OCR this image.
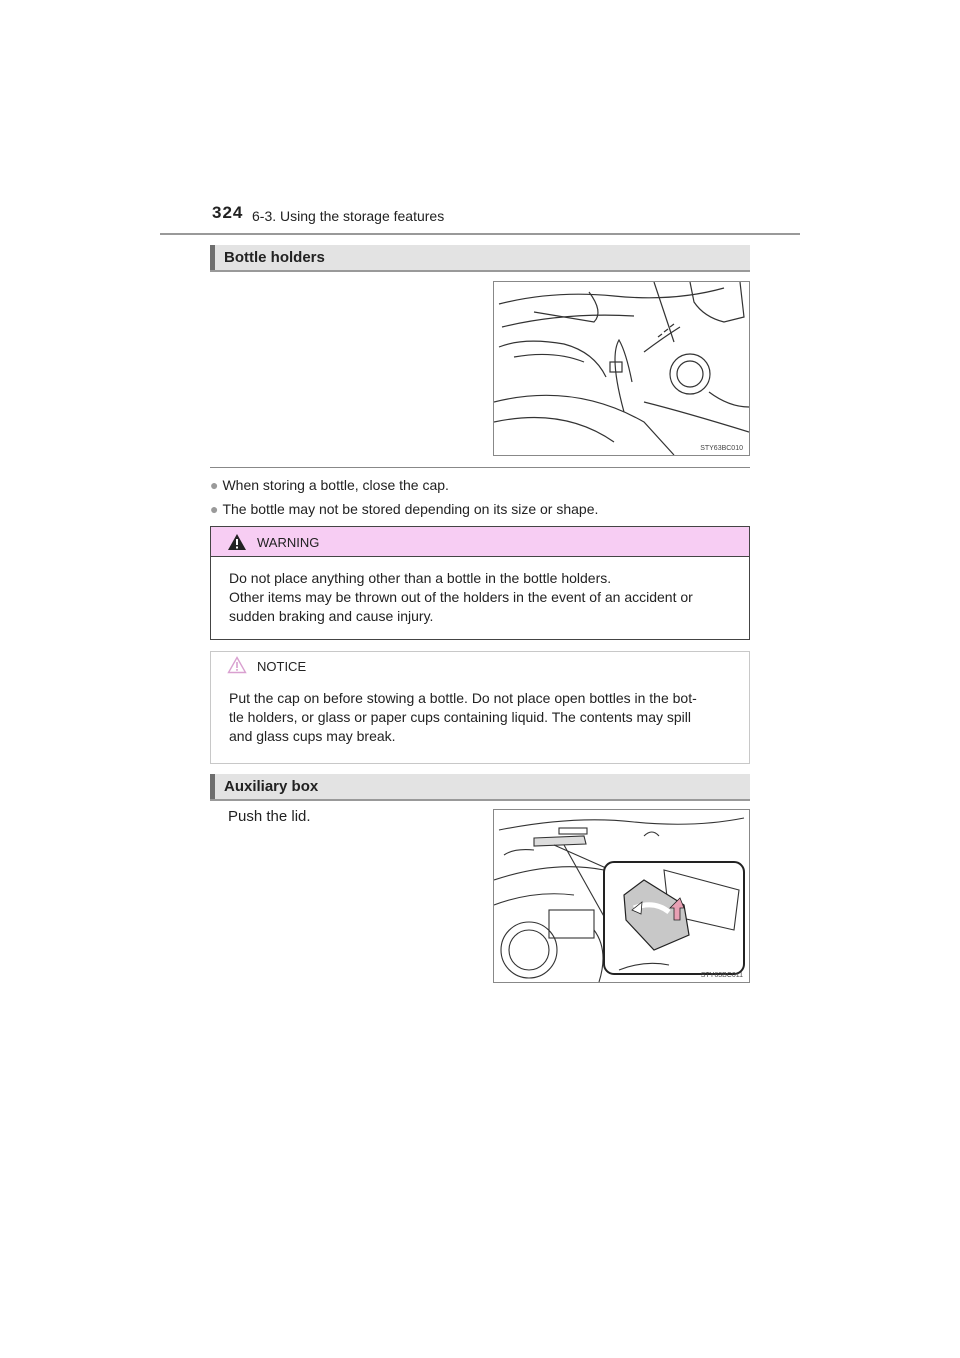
324 6-3. Using the storage features
Bottle holders
STY63BC010
● When storing a bottle, close the cap.
● The bottle may not be stored depending on its size or shape.
WARNING
Do not place anything other than a bottle in the bottle holders.
Other items may be thrown out of the holders in the event of an accident or
sudden braking and cause injury.
NOTICE
Put the cap on before stowing a bottle. Do not place open bottles in the bot-
tle holders, or glass or paper cups containing liquid. The contents may spill
and glass cups may break.
Auxiliary box
Push the lid.
STY63BC011
